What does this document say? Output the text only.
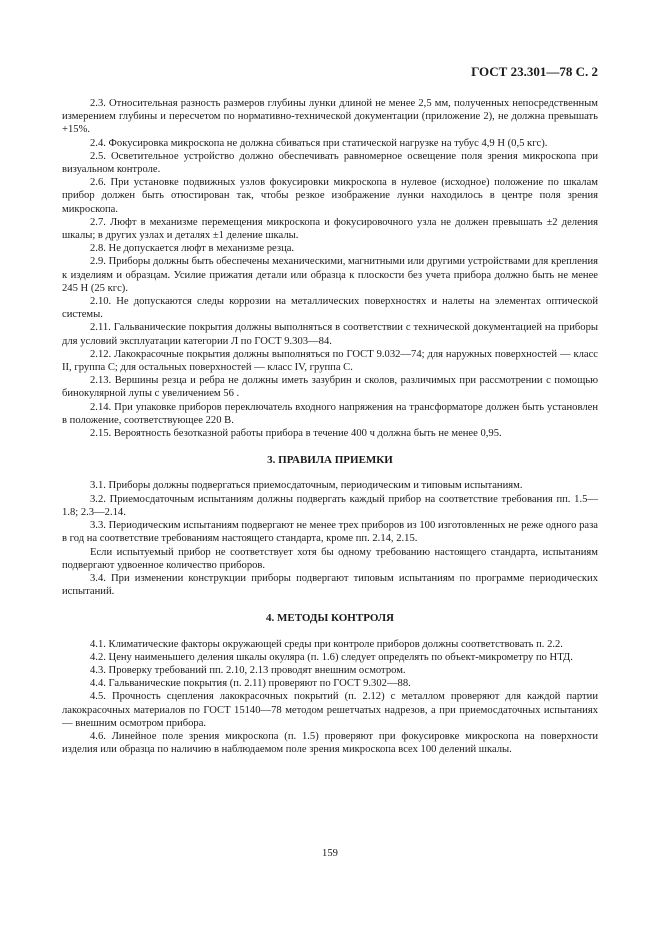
ГОСТ 23.301—78 С. 2

2.3. Относительная разность размеров глубины лунки длиной не менее 2,5 мм, полученных непосредственным измерением глубины и пересчетом по нормативно-технической документации (приложение 2), не должна превышать +15%.

2.4. Фокусировка микроскопа не должна сбиваться при статической нагрузке на тубус 4,9 Н (0,5 кгс).

2.5. Осветительное устройство должно обеспечивать равномерное освещение поля зрения микроскопа при визуальном контроле.

2.6. При установке подвижных узлов фокусировки микроскопа в нулевое (исходное) положение по шкалам прибор должен быть отюстирован так, чтобы резкое изображение лунки находилось в центре поля зрения микроскопа.

2.7. Люфт в механизме перемещения микроскопа и фокусировочного узла не должен превышать ±2 деления шкалы; в других узлах и деталях ±1 деление шкалы.

2.8. Не допускается люфт в механизме резца.

2.9. Приборы должны быть обеспечены механическими, магнитными или другими устройствами для крепления к изделиям и образцам. Усилие прижатия детали или образца к плоскости без учета прибора должно быть не менее 245 Н (25 кгс).

2.10. Не допускаются следы коррозии на металлических поверхностях и налеты на элементах оптической системы.

2.11. Гальванические покрытия должны выполняться в соответствии с технической документацией на приборы для условий эксплуатации категории Л по ГОСТ 9.303—84.

2.12. Лакокрасочные покрытия должны выполняться по ГОСТ 9.032—74; для наружных поверхностей — класс II, группа С; для остальных поверхностей — класс IV, группа С.

2.13. Вершины резца и ребра не должны иметь зазубрин и сколов, различимых при рассмотрении с помощью бинокулярной лупы с увеличением 56 .

2.14. При упаковке приборов переключатель входного напряжения на трансформаторе должен быть установлен в положение, соответствующее 220 В.

2.15. Вероятность безотказной работы прибора в течение 400 ч должна быть не менее 0,95.

3. ПРАВИЛА ПРИЕМКИ

3.1. Приборы должны подвергаться приемосдаточным, периодическим и типовым испытаниям.

3.2. Приемосдаточным испытаниям должны подвергать каждый прибор на соответствие требования пп. 1.5—1.8; 2.3—2.14.

3.3. Периодическим испытаниям подвергают не менее трех приборов из 100 изготовленных не реже одного раза в год на соответствие требованиям настоящего стандарта, кроме пп. 2.14, 2.15.

Если испытуемый прибор не соответствует хотя бы одному требованию настоящего стандарта, испытаниям подвергают удвоенное количество приборов.

3.4. При изменении конструкции приборы подвергают типовым испытаниям по программе периодических испытаний.

4. МЕТОДЫ КОНТРОЛЯ

4.1. Климатические факторы окружающей среды при контроле приборов должны соответствовать п. 2.2.

4.2. Цену наименьшего деления шкалы окуляра (п. 1.6) следует определять по объект-микрометру по НТД.

4.3. Проверку требований пп. 2.10, 2.13 проводят внешним осмотром.

4.4. Гальванические покрытия (п. 2.11) проверяют по ГОСТ 9.302—88.

4.5. Прочность сцепления лакокрасочных покрытий (п. 2.12) с металлом проверяют для каждой партии лакокрасочных материалов по ГОСТ 15140—78 методом решетчатых надрезов, а при приемосдаточных испытаниях — внешним осмотром прибора.

4.6. Линейное поле зрения микроскопа (п. 1.5) проверяют при фокусировке микроскопа на поверхности изделия или образца по наличию в наблюдаемом поле зрения микроскопа всех 100 делений шкалы.

159
